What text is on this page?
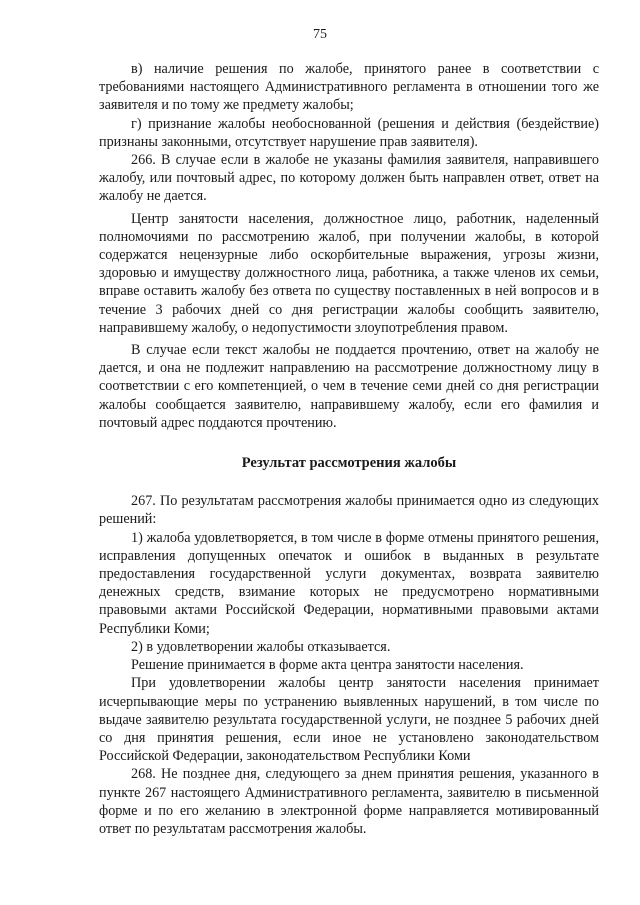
75

в) наличие решения по жалобе, принятого ранее в соответствии с требованиями настоящего Административного регламента в отношении того же заявителя и по тому же предмету жалобы;

г) признание жалобы необоснованной (решения и действия (бездействие) признаны законными, отсутствует нарушение прав заявителя).

266. В случае если в жалобе не указаны фамилия заявителя, направившего жалобу, или почтовый адрес, по которому должен быть направлен ответ, ответ на жалобу не дается.

Центр занятости населения, должностное лицо, работник, наделенный полномочиями по рассмотрению жалоб, при получении жалобы, в которой содержатся нецензурные либо оскорбительные выражения, угрозы жизни, здоровью и имуществу должностного лица, работника, а также членов их семьи, вправе оставить жалобу без ответа по существу поставленных в ней вопросов и в течение 3 рабочих дней со дня регистрации жалобы сообщить заявителю, направившему жалобу, о недопустимости злоупотребления правом.

В случае если текст жалобы не поддается прочтению, ответ на жалобу не дается, и она не подлежит направлению на рассмотрение должностному лицу в соответствии с его компетенцией, о чем в течение семи дней со дня регистрации жалобы сообщается заявителю, направившему жалобу, если его фамилия и почтовый адрес поддаются прочтению.

Результат рассмотрения жалобы

267. По результатам рассмотрения жалобы принимается одно из следующих решений:

1) жалоба удовлетворяется, в том числе в форме отмены принятого решения, исправления допущенных опечаток и ошибок в выданных в результате предоставления государственной услуги документах, возврата заявителю денежных средств, взимание которых не предусмотрено нормативными правовыми актами Российской Федерации, нормативными правовыми актами Республики Коми;

2) в удовлетворении жалобы отказывается.

Решение принимается в форме акта центра занятости населения.

При удовлетворении жалобы центр занятости населения принимает исчерпывающие меры по устранению выявленных нарушений, в том числе по выдаче заявителю результата государственной услуги, не позднее 5 рабочих дней со дня принятия решения, если иное не установлено законодательством Российской Федерации, законодательством Республики Коми

268. Не позднее дня, следующего за днем принятия решения, указанного в пункте 267 настоящего Административного регламента, заявителю в письменной форме и по его желанию в электронной форме направляется мотивированный ответ по результатам рассмотрения жалобы.
